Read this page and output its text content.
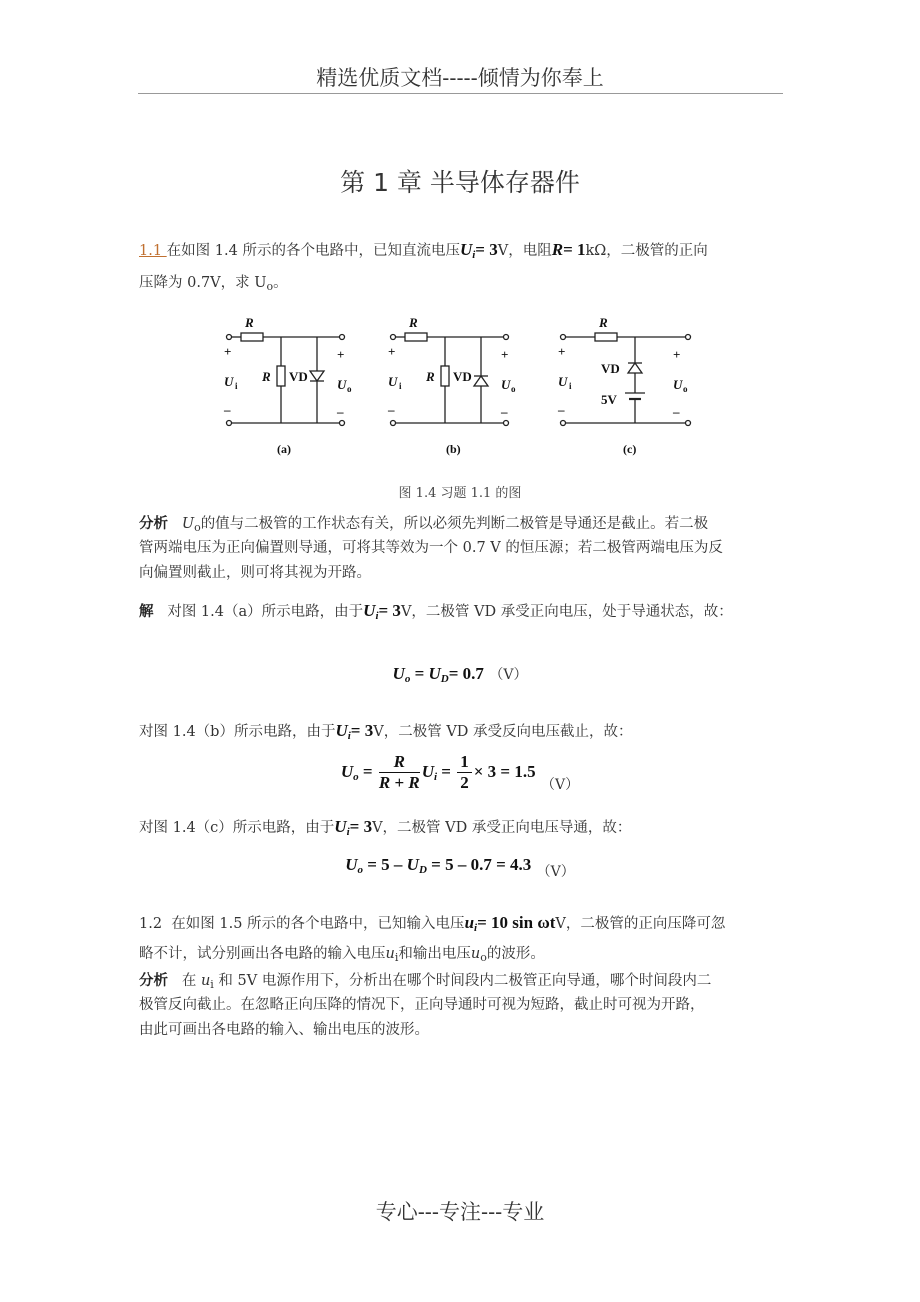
精选优质文档-----倾情为你奉上
第 1 章 半导体存器件
1.1 在如图 1.4 所示的各个电路中，已知直流电压$U_i= 3V$，电阻R= 1kΩ，二极管的正向
压降为 0.7V，求 $U_o$。
R
+
U i
–
R VD
+
U o
–
(a)
R
+
U i
–
R VD
+
U o
–
(b)
R
+
U i
–
VD
5V
+
U o
–
(c)
图 1.4 习题 1.1 的图
分析 $U_o$的值与二极管的工作状态有关，所以必须先判断二极管是导通还是截止。若二极
管两端电压为正向偏置则导通，可将其等效为一个 0.7 V 的恒压源；若二极管两端电压为反
向偏置则截止，则可将其视为开路。
解 对图 1.4（a）所示电路，由于$U_i= 3V$，二极管 VD 承受正向电压，处于导通状态，故：
$U_o = U_D= 0.7$ （V）
对图 1.4（b）所示电路，由于$U_i= 3V$，二极管 VD 承受反向电压截止，故：
$U_o = \frac{R}{R + R} U_i = \frac{1}{2} \times 3 = 1.5$ $_{(V)}$
对图 1.4（c）所示电路，由于$U_i= 3V$，二极管 VD 承受正向电压导通，故：
$U_o = 5 - U_D = 5 - 0.7 = 4.3$ $_{(V)}$
1.2 在如图 1.5 所示的各个电路中，已知输入电压$u_i= 10$ sin ωtV，二极管的正向压降可忽
略不计，试分别画出各电路的输入电压$u_i$和输出电压$u_o$的波形。
分析 在 $u_i$ 和 5V 电源作用下，分析出在哪个时间段内二极管正向导通，哪个时间段内二
极管反向截止。在忽略正向压降的情况下，正向导通时可视为短路，截止时可视为开路，
由此可画出各电路的输入、输出电压的波形。
专心---专注---专业
